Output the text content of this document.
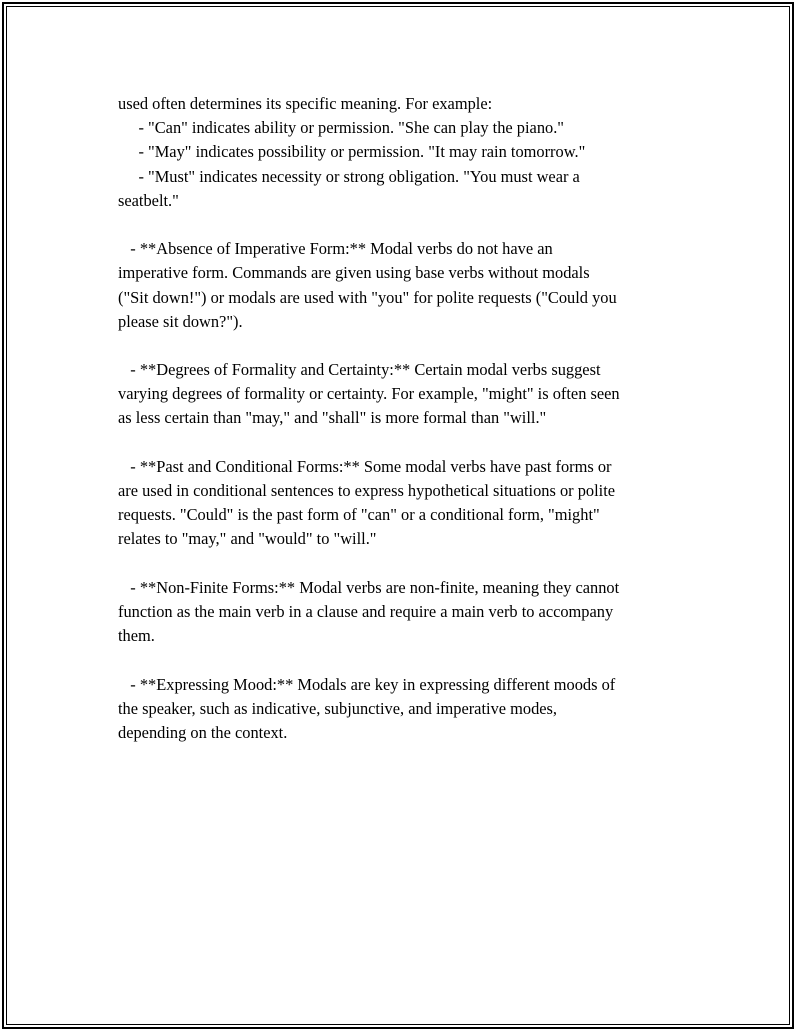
used often determines its specific meaning. For example:
- "Can" indicates ability or permission. "She can play the piano."
- "May" indicates possibility or permission. "It may rain tomorrow."
- "Must" indicates necessity or strong obligation. "You must wear a
seatbelt."
- **Absence of Imperative Form:** Modal verbs do not have an
imperative form. Commands are given using base verbs without modals
("Sit down!") or modals are used with "you" for polite requests ("Could you
please sit down?").
- **Degrees of Formality and Certainty:** Certain modal verbs suggest
varying degrees of formality or certainty. For example, "might" is often seen
as less certain than "may," and "shall" is more formal than "will."
- **Past and Conditional Forms:** Some modal verbs have past forms or
are used in conditional sentences to express hypothetical situations or polite
requests. "Could" is the past form of "can" or a conditional form, "might"
relates to "may," and "would" to "will."
- **Non-Finite Forms:** Modal verbs are non-finite, meaning they cannot
function as the main verb in a clause and require a main verb to accompany
them.
- **Expressing Mood:** Modals are key in expressing different moods of
the speaker, such as indicative, subjunctive, and imperative modes,
depending on the context.
